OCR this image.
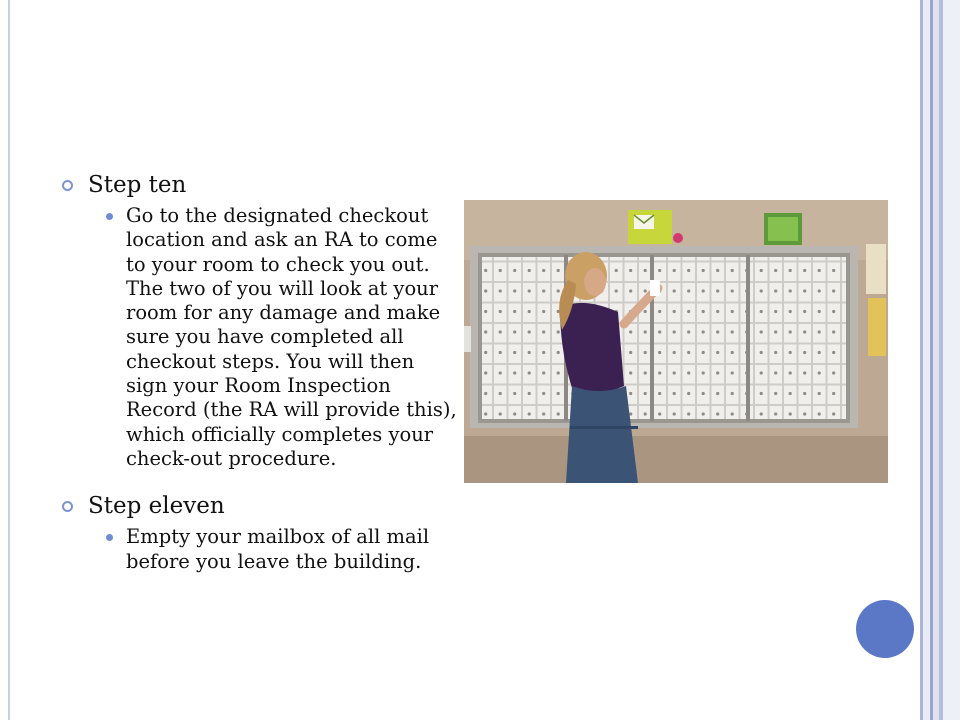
Step ten
Go to the designated checkout location and ask an RA to come to your room to check you out. The two of you will look at your room for any damage and make sure you have completed all checkout steps. You will then sign your Room Inspection Record (the RA will provide this), which officially completes your check-out procedure.
Step eleven
Empty your mailbox of all mail before you leave the building.
